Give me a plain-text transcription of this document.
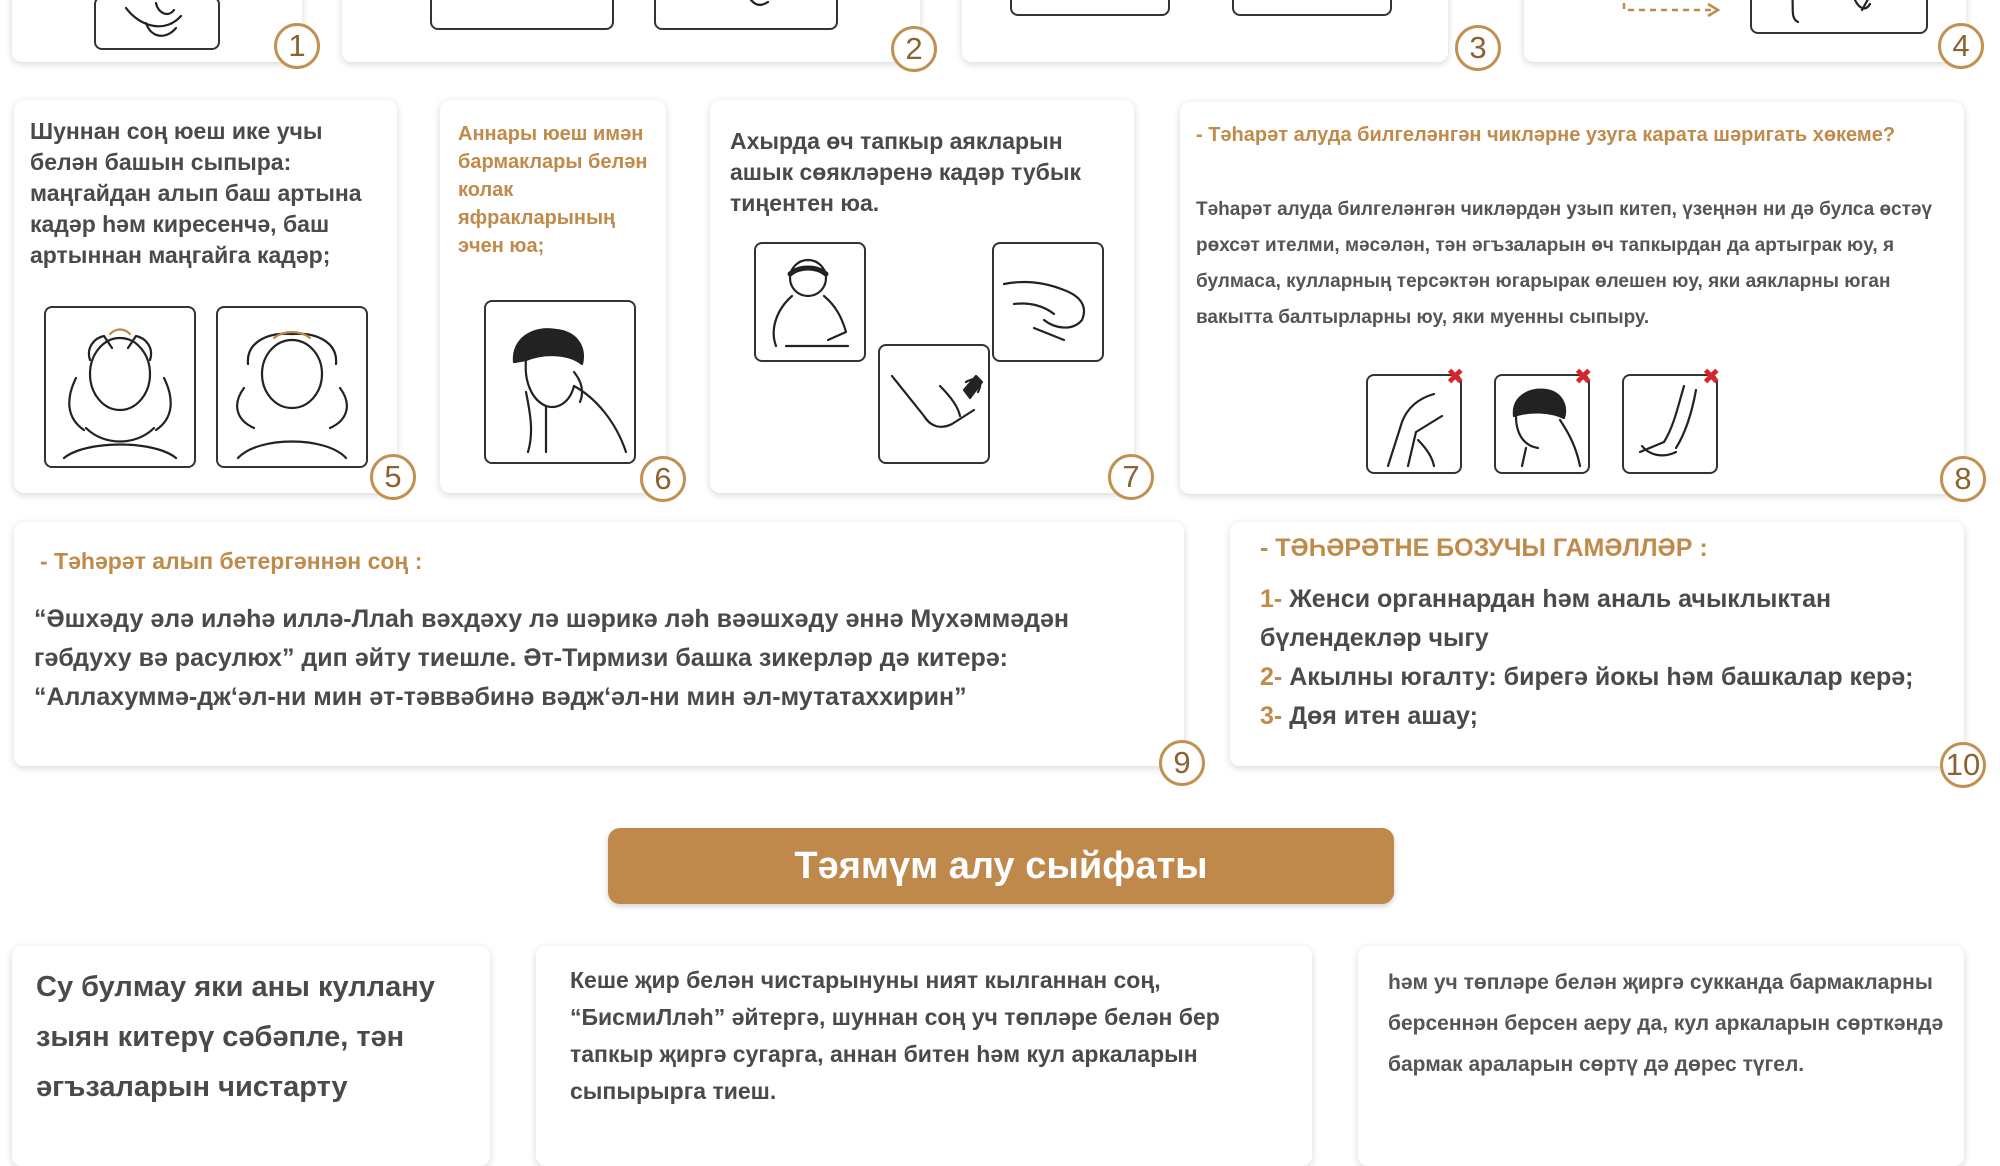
1	2	3	4

Шуннан соң юеш ике учы белән башын сыпыра: маңгайдан алып баш артына кадәр һәм киресенчә, баш артыннан маңгайга кадәр;

5

Аннары юеш имән бармаклары белән колак яфракларының эчен юа;

6

Ахырда өч тапкыр аякларын ашык сөякләренә кадәр тубык тиңентен юа.

7

- Тәһарәт алуда билгеләнгән чикләрне узуга карата шәригать хөкеме?

Тәһарәт алуда билгеләнгән чикләрдән узып китеп, үзеңнән ни дә булса өстәү рөхсәт ителми, мәсәлән, тән әгъзаларын өч тапкырдан да артыграк юу, я булмаса, кулларның терсәктән югарырак өлешен юу, яки аякларны юган вакытта балтырларны юу, яки муенны сыпыру.

✖	✖	✖
8

- Тәһәрәт алып бетергәннән соң :

“Әшхәду әлә иләһә иллә-Ллаһ вәхдәху лә шәрикә ләһ вәәшхәду әннә Мухәммәдән гәбдуху вә расулюх” дип әйту тиешле. Әт-Тирмизи башка зикерләр дә китерә: “Аллахуммә-дж‘әл-ни мин әт-тәввәбинә вәдж‘әл-ни мин әл-мутатаххирин”

9

- ТӘҺӘРӘТНЕ БОЗУЧЫ ГАМӘЛЛӘР :

1- Женси органнардан һәм аналь ачыклыктан бүлендекләр чыгу

2- Акылны югалту: бирегә йокы һәм башкалар керә;

3- Дөя итен ашау;

10
Тәямүм алу сыйфаты

Су булмау яки аны куллану зыян китерү сәбәпле, тән әгъзаларын чистарту

Кеше җир белән чистарынуны ният кылганнан соң, “БисмиЛләһ” әйтергә, шуннан соң уч төпләре белән бер тапкыр җиргә сугарга, аннан битен һәм кул аркаларын сыпырырга тиеш.

һәм уч төпләре белән җиргә сукканда бармакларны берсеннән берсен аеру да, кул аркаларын сөрткәндә бармак араларын сөртү дә дөрес түгел.
